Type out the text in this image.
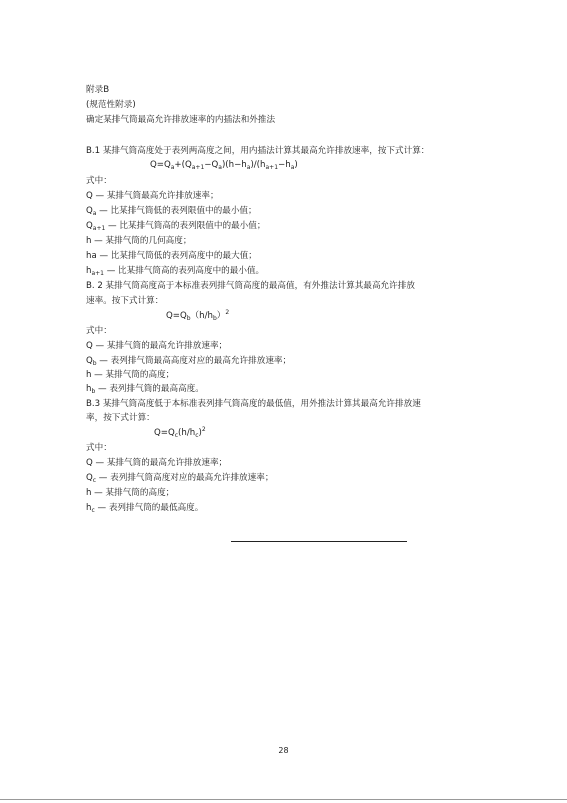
附录B
(规范性附录)
确定某排气筒最高允许排放速率的内插法和外推法
B.1 某排气筒高度处于表列两高度之间，用内插法计算其最高允许排放速率，按下式计算：
$Q=Q_a+(Q_{a+1}-Q_a)(h-h_a)/(h_{a+1}-h_a)$
式中：
Q — 某排气筒最高允许排放速率；
$Q_a$ — 比某排气筒低的表列限值中的最小值；
$Q_{a+1}$ — 比某排气筒高的表列限值中的最小值；
h — 某排气筒的几何高度；
ha — 比某排气筒低的表列高度中的最大值；
$h_{a+1}$ — 比某排气筒高的表列高度中的最小值。
B. 2 某排气筒高度高于本标准表列排气筒高度的最高值，有外推法计算其最高允许排放
速率。按下式计算：
$Q=Q_b(h/h_b)^2$
式中：
Q — 某排气筒的最高允许排放速率；
$Q_b$ — 表列排气筒最高高度对应的最高允许排放速率；
h — 某排气筒的高度；
$h_b$ — 表列排气筒的最高高度。
B.3 某排气筒高度低于本标准表列排气筒高度的最低值，用外推法计算其最高允许排放速
率，按下式计算：
$Q=Q_c(h/h_c)^2$
式中：
Q — 某排气筒的最高允许排放速率；
$Q_c$ — 表列排气筒高度对应的最高允许排放速率；
h — 某排气筒的高度；
$h_c$ — 表列排气筒的最低高度。
28
